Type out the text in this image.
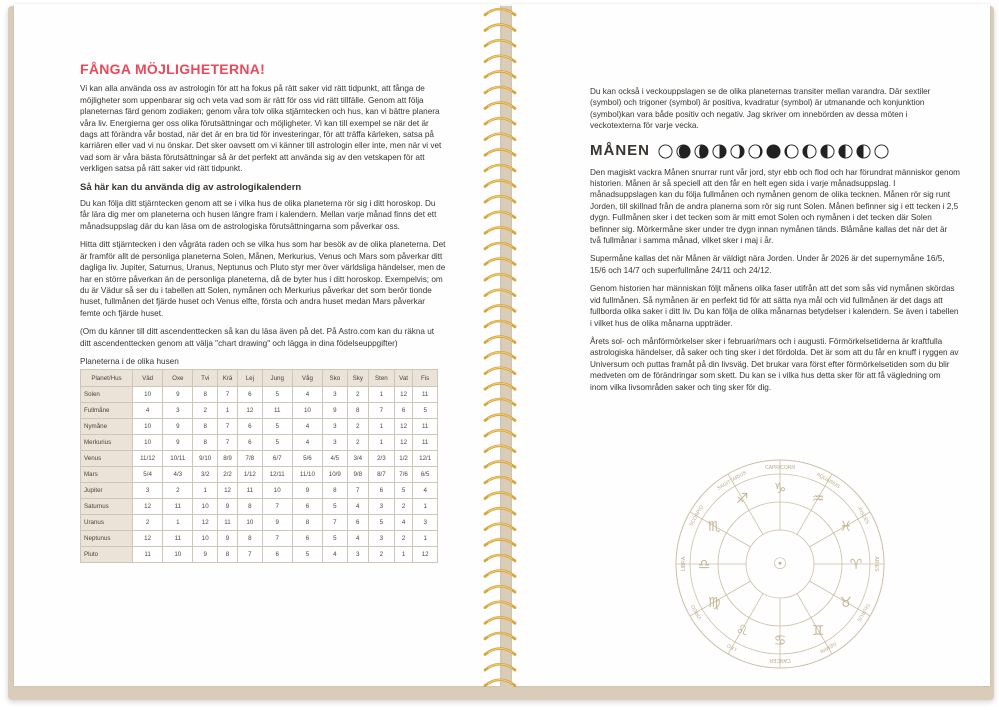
FÅNGA MÖJLIGHETERNA!

Vi kan alla använda oss av astrologin för att ha fokus på rätt saker vid rätt tidpunkt, att fånga de möjligheter som uppenbarar sig och veta vad som är rätt för oss vid rätt tillfälle. Genom att följa planeternas färd genom zodiaken; genom våra tolv olika stjärntecken och hus, kan vi bättre planera våra liv. Energierna ger oss olika förutsättningar och möjligheter. Vi kan till exempel se när det är dags att förändra vår bostad, när det är en bra tid för investeringar, för att träffa kärleken, satsa på karriären eller vad vi nu önskar. Det sker oavsett om vi känner till astrologin eller inte, men när vi vet vad som är våra bästa förutsättningar så är det perfekt att använda sig av den vetskapen för att verkligen satsa på rätt saker vid rätt tidpunkt.

Så här kan du använda dig av astrologikalendern

Du kan följa ditt stjärntecken genom att se i vilka hus de olika planeterna rör sig i ditt horoskop. Du får lära dig mer om planeterna och husen längre fram i kalendern. Mellan varje månad finns det ett månadsuppslag där du kan läsa om de astrologiska förutsättningarna som påverkar oss.

Hitta ditt stjärntecken i den vågräta raden och se vilka hus som har besök av de olika planeterna. Det är framför allt de personliga planeterna Solen, Månen, Merkurius, Venus och Mars som påverkar ditt dagliga liv. Jupiter, Saturnus, Uranus, Neptunus och Pluto styr mer över världsliga händelser, men de har en större påverkan än de personliga planeterna, då de byter hus i ditt horoskop. Exempelvis; om du är Vädur så ser du i tabellen att Solen, nymånen och Merkurius påverkar det som berör tionde huset, fullmånen det fjärde huset och Venus elfte, första och andra huset medan Mars påverkar femte och fjärde huset.

(Om du känner till ditt ascendenttecken så kan du läsa även på det. På Astro.com kan du räkna ut ditt ascendenttecken genom att välja "chart drawing" och lägga in dina födelseuppgifter)

Planeterna i de olika husen
Planet/Hus	Väd	Oxe	Tvi	Krä	Lej	Jung	Våg	Sko	Sky	Sten	Vat	Fis
Solen	10	9	8	7	6	5	4	3	2	1	12	11
Fullmåne	4	3	2	1	12	11	10	9	8	7	6	5
Nymåne	10	9	8	7	6	5	4	3	2	1	12	11
Merkurius	10	9	8	7	6	5	4	3	2	1	12	11
Venus	11/12	10/11	9/10	8/9	7/8	6/7	5/6	4/5	3/4	2/3	1/2	12/1
Mars	5/4	4/3	3/2	2/2	1/12	12/11	11/10	10/9	9/8	8/7	7/6	6/5
Jupiter	3	2	1	12	11	10	9	8	7	6	5	4
Saturnus	12	11	10	9	8	7	6	5	4	3	2	1
Uranus	2	1	12	11	10	9	8	7	6	5	4	3
Neptunus	12	11	10	9	8	7	6	5	4	3	2	1
Pluto	11	10	9	8	7	6	5	4	3	2	1	12

Du kan också i veckouppslagen se de olika planeternas transiter mellan varandra. Där sextiler (symbol) och trigoner (symbol) är positiva, kvadratur (symbol) är utmanande och konjunktion (symbol)kan vara både positiv och negativ. Jag skriver om innebörden av dessa möten i veckotexterna för varje vecka.

MÅNEN

Den magiskt vackra Månen snurrar runt vår jord, styr ebb och flod och har förundrat människor genom historien. Månen är så speciell att den får en helt egen sida i varje månadsuppslag. I månadsuppslagen kan du följa fullmånen och nymånen genom de olika tecknen. Månen rör sig runt Jorden, till skillnad från de andra planerna som rör sig runt Solen. Månen befinner sig i ett tecken i 2,5 dygn. Fullmånen sker i det tecken som är mitt emot Solen och nymånen i det tecken där Solen befinner sig. Mörkermåne sker under tre dygn innan nymånen tänds. Blåmåne kallas det när det är två fullmånar i samma månad, vilket sker i maj i år.

Supermåne kallas det när Månen är väldigt nära Jorden. Under år 2026 är det supernymåne 16/5, 15/6 och 14/7 och superfullmåne 24/11 och 24/12.

Genom historien har människan följt månens olika faser utifrån att det som sås vid nymånen skördas vid fullmånen. Så nymånen är en perfekt tid för att sätta nya mål och vid fullmånen är det dags att fullborda olika saker i ditt liv. Du kan följa de olika månarnas betydelser i kalendern. Se även i tabellen i vilket hus de olika månarna uppträder.

Årets sol- och månförmörkelser sker i februari/mars och i augusti. Förmörkelsetiderna är kraftfulla astrologiska händelser, då saker och ting sker i det fördolda. Det är som att du får en knuff i ryggen av Universum och puttas framåt på din livsväg. Det brukar vara först efter förmörkelsetiden som du blir medveten om de förändringar som skett. Du kan se i vilka hus detta sker för att få vägledning om inom vilka livsområden saker och ting sker för dig.

CAPRICORN
SAGITTARIUS
SCORPIO
LIBRA
VIRGO
LEO
CANCER
GEMINI
TAURUS
ARIES
PISCES
AQUARIUS
♑
♐
♏
♎
♍
♌
♋
♊
♉
♈
♓
♒
☉
